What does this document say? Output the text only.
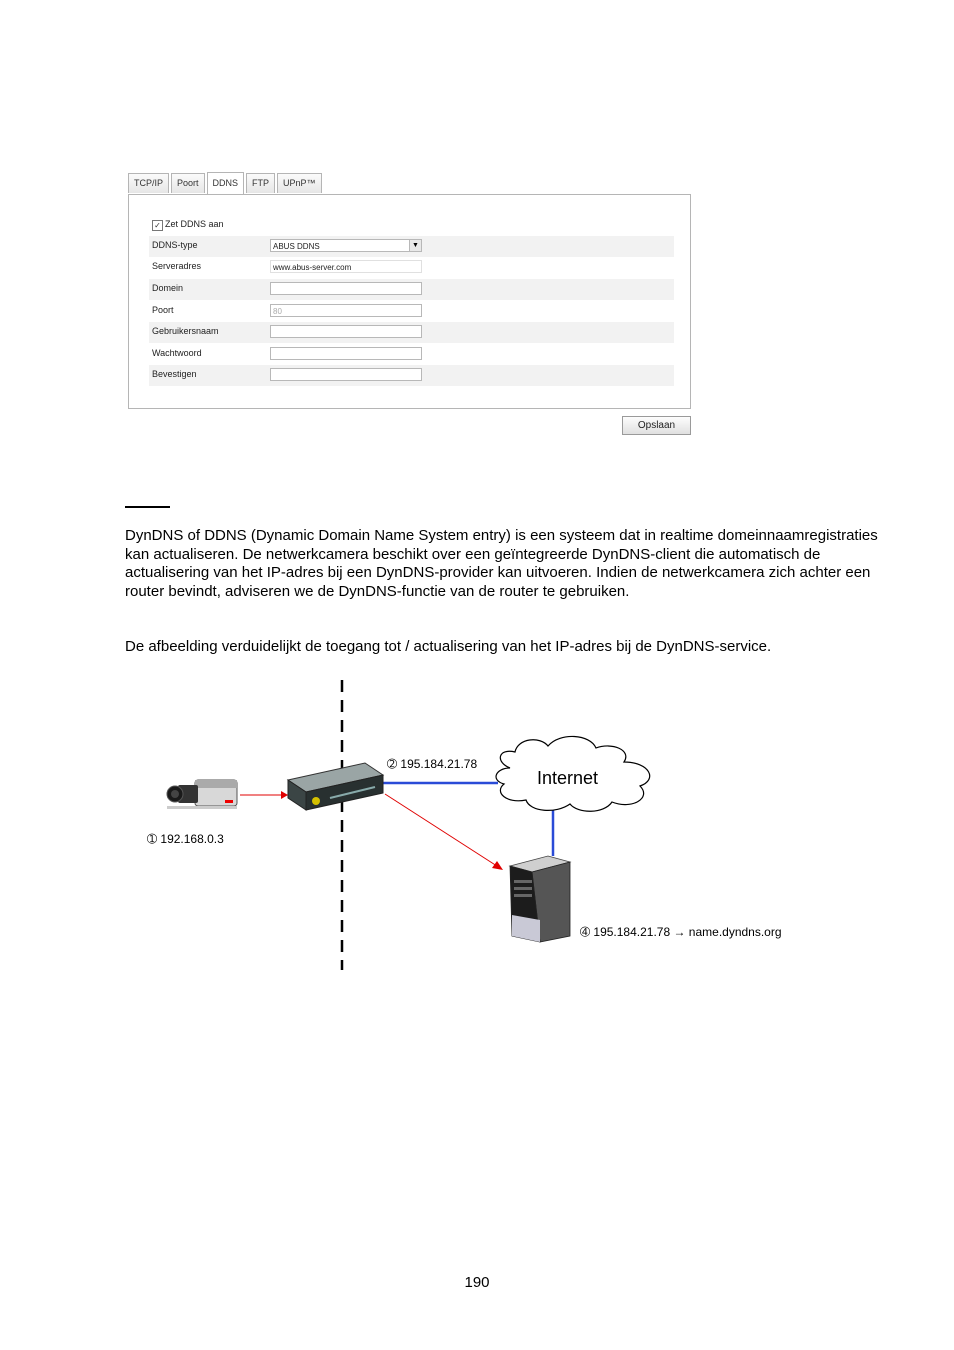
TCP/IP	Poort	DDNS	FTP	UPnP™
✓ Zet DDNS aan
DDNS-type	ABUS DDNS	▼
Serveradres	www.abus-server.com
Domein
Poort	80
Gebruikersnaam
Wachtwoord
Bevestigen
Opslaan
DynDNS of DDNS (Dynamic Domain Name System entry) is een systeem dat in realtime domeinnaamregistraties kan actualiseren. De netwerkcamera beschikt over een geïntegreerde DynDNS-client die automatisch de actualisering van het IP-adres bij een DynDNS-provider kan uitvoeren. Indien de netwerkcamera zich achter een router bevindt, adviseren we de DynDNS-functie van de router te gebruiken.
De afbeelding verduidelijkt de toegang tot / actualisering van het IP-adres bij de DynDNS-service.
Internet
➁ 195.184.21.78
➀ 192.168.0.3
➃ 195.184.21.78 → name.dyndns.org
190
